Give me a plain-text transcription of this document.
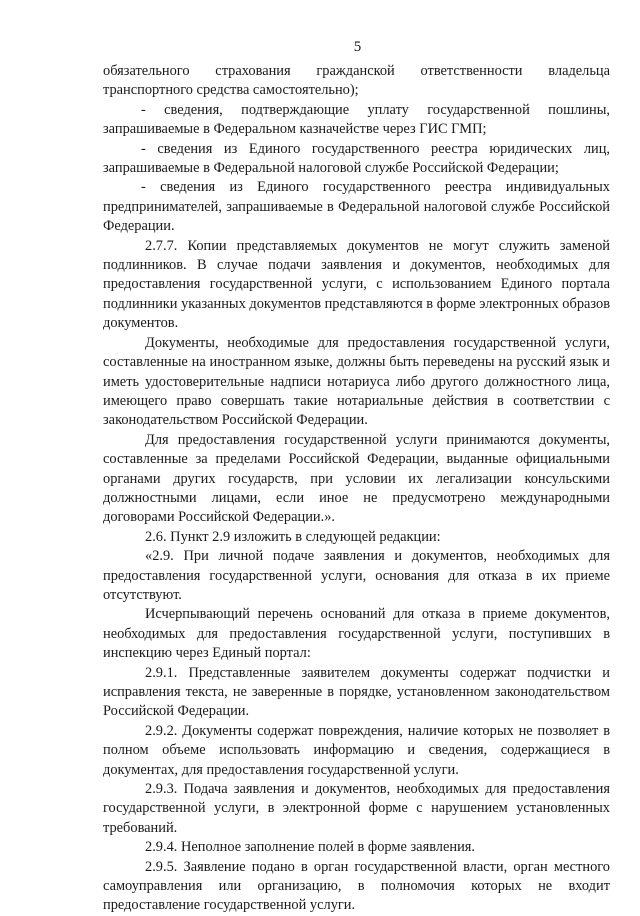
5

обязательного страхования гражданской ответственности владельца транспортного средства самостоятельно);

- сведения, подтверждающие уплату государственной пошлины, запрашиваемые в Федеральном казначействе через ГИС ГМП;

- сведения из Единого государственного реестра юридических лиц, запрашиваемые в Федеральной налоговой службе Российской Федерации;

- сведения из Единого государственного реестра индивидуальных предпринимателей, запрашиваемые в Федеральной налоговой службе Российской Федерации.

2.7.7. Копии представляемых документов не могут служить заменой подлинников. В случае подачи заявления и документов, необходимых для предоставления государственной услуги, с использованием Единого портала подлинники указанных документов представляются в форме электронных образов документов.

Документы, необходимые для предоставления государственной услуги, составленные на иностранном языке, должны быть переведены на русский язык и иметь удостоверительные надписи нотариуса либо другого должностного лица, имеющего право совершать такие нотариальные действия в соответствии с законодательством Российской Федерации.

Для предоставления государственной услуги принимаются документы, составленные за пределами Российской Федерации, выданные официальными органами других государств, при условии их легализации консульскими должностными лицами, если иное не предусмотрено международными договорами Российской Федерации.».

2.6. Пункт 2.9 изложить в следующей редакции:

«2.9. При личной подаче заявления и документов, необходимых для предоставления государственной услуги, основания для отказа в их приеме отсутствуют.

Исчерпывающий перечень оснований для отказа в приеме документов, необходимых для предоставления государственной услуги, поступивших в инспекцию через Единый портал:

2.9.1. Представленные заявителем документы содержат подчистки и исправления текста, не заверенные в порядке, установленном законодательством Российской Федерации.

2.9.2. Документы содержат повреждения, наличие которых не позволяет в полном объеме использовать информацию и сведения, содержащиеся в документах, для предоставления государственной услуги.

2.9.3. Подача заявления и документов, необходимых для предоставления государственной услуги, в электронной форме с нарушением установленных требований.

2.9.4. Неполное заполнение полей в форме заявления.

2.9.5. Заявление подано в орган государственной власти, орган местного самоуправления или организацию, в полномочия которых не входит предоставление государственной услуги.
